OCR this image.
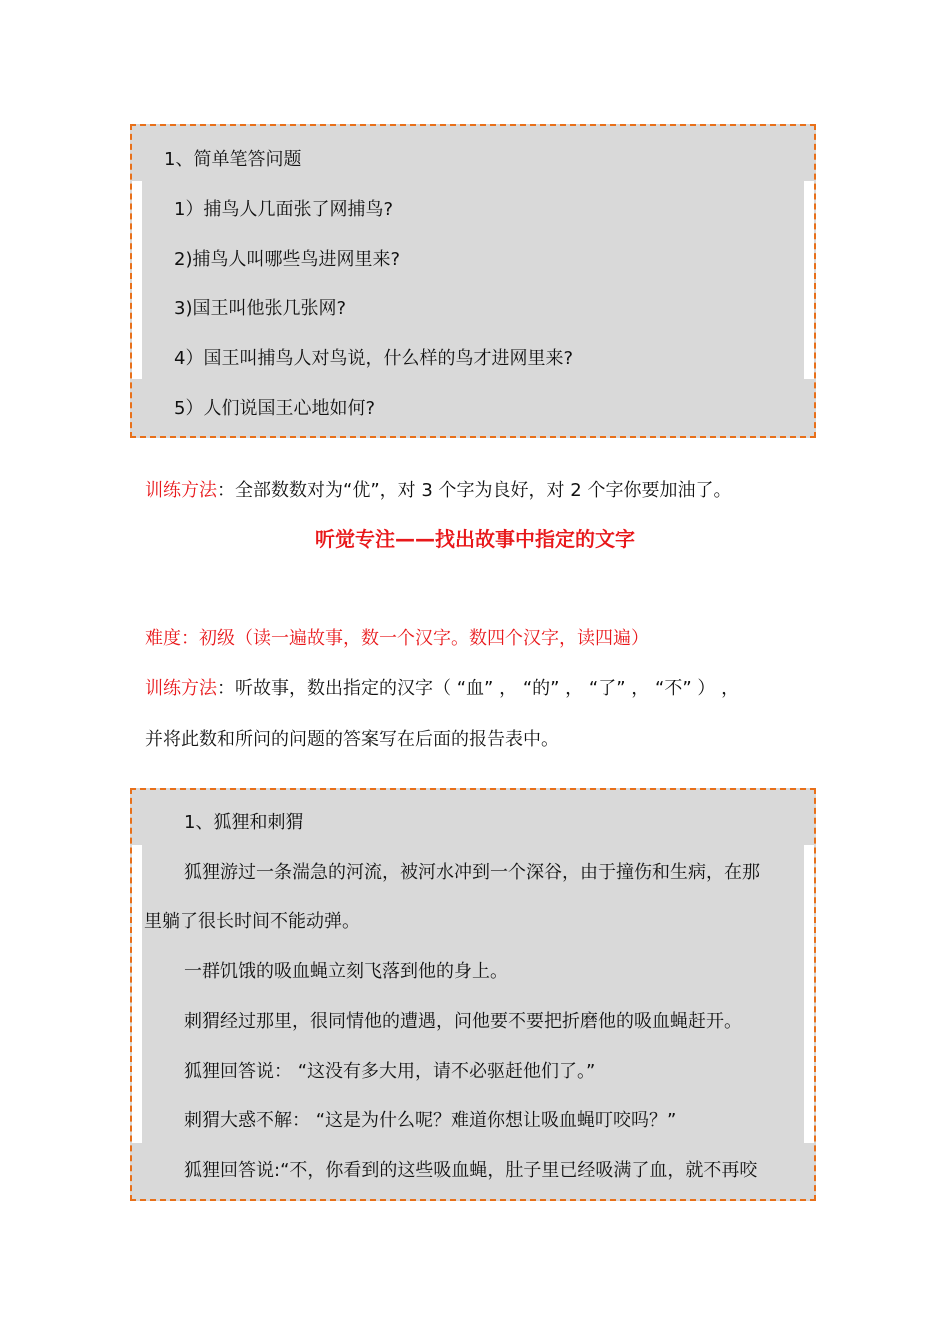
1、简单笔答问题
1）捕鸟人几面张了网捕鸟?
2)捕鸟人叫哪些鸟进网里来?
3)国王叫他张几张网?
4）国王叫捕鸟人对鸟说，什么样的鸟才进网里来?
5）人们说国王心地如何?
训练方法：全部数数对为“优”，对 3 个字为良好，对 2 个字你要加油了。
听觉专注——找出故事中指定的文字
难度：初级（读一遍故事，数一个汉字。数四个汉字，读四遍）
训练方法：听故事，数出指定的汉字（ “血” ， “的” ， “了” ， “不” ） ，
并将此数和所问的问题的答案写在后面的报告表中。
1、狐狸和刺猬
狐狸游过一条湍急的河流，被河水冲到一个深谷，由于撞伤和生病，在那
里躺了很长时间不能动弹。
一群饥饿的吸血蝇立刻飞落到他的身上。
刺猬经过那里，很同情他的遭遇，问他要不要把折磨他的吸血蝇赶开。
狐狸回答说： “这没有多大用，请不必驱赶他们了。”
刺猬大惑不解： “这是为什么呢？难道你想让吸血蝇叮咬吗？”
狐狸回答说:“不，你看到的这些吸血蝇，肚子里已经吸满了血，就不再咬
